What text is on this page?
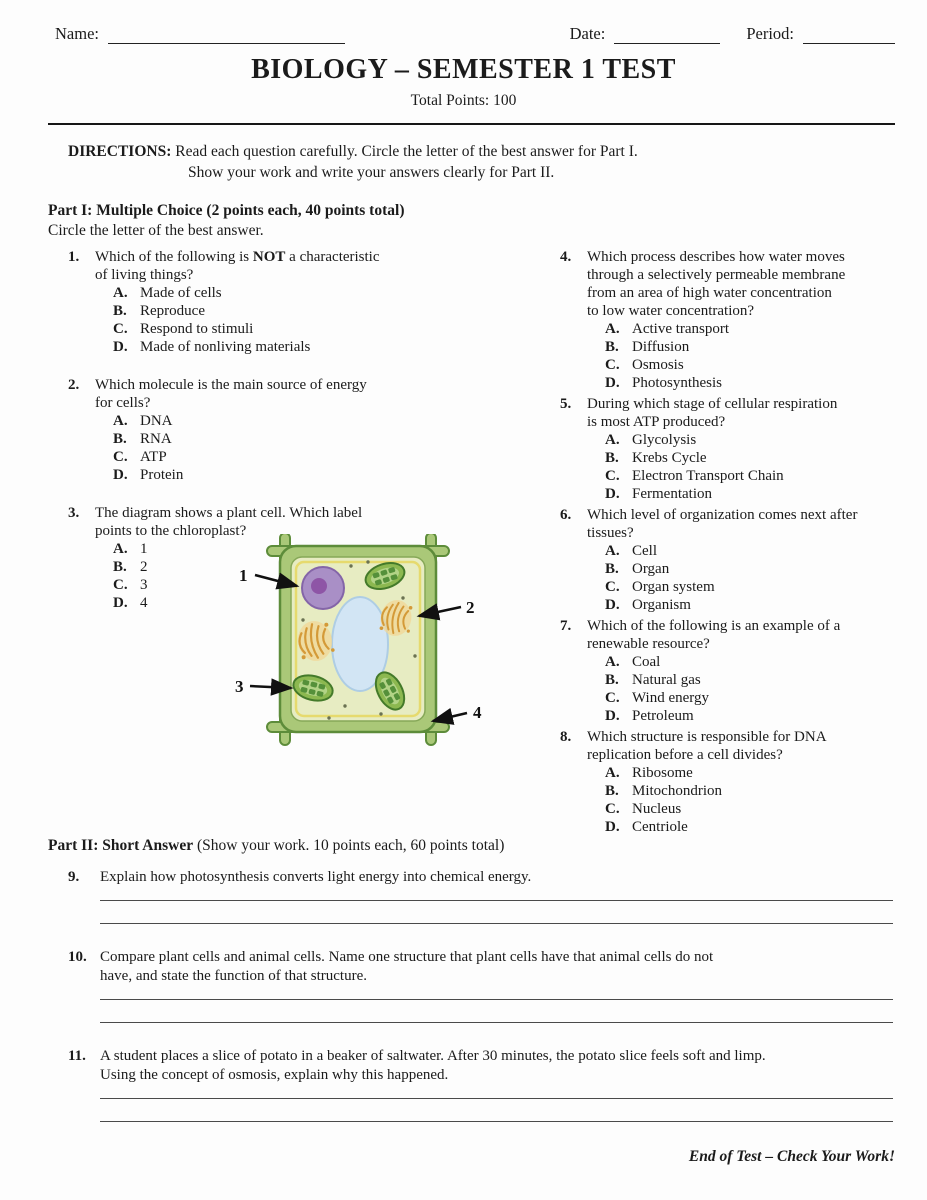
Name:	Date:	Period:
BIOLOGY – SEMESTER 1 TEST
Total Points: 100
DIRECTIONS: Read each question carefully. Circle the letter of the best answer for Part I.
Show your work and write your answers clearly for Part II.
Part I: Multiple Choice (2 points each, 40 points total)
Circle the letter of the best answer.
1.	Which of the following is NOT a characteristic
of living things?
A. Made of cells
B. Reproduce
C. Respond to stimuli
D. Made of nonliving materials
2.	Which molecule is the main source of energy
for cells?
A. DNA
B. RNA
C. ATP
D. Protein
3.	The diagram shows a plant cell. Which label
points to the chloroplast?
A. 1
B. 2
C. 3
D. 4
1
2
3
4
4.	Which process describes how water moves
through a selectively permeable membrane
from an area of high water concentration
to low water concentration?
A. Active transport
B. Diffusion
C. Osmosis
D. Photosynthesis
5.	During which stage of cellular respiration
is most ATP produced?
A. Glycolysis
B. Krebs Cycle
C. Electron Transport Chain
D. Fermentation
6.	Which level of organization comes next after
tissues?
A. Cell
B. Organ
C. Organ system
D. Organism
7.	Which of the following is an example of a
renewable resource?
A. Coal
B. Natural gas
C. Wind energy
D. Petroleum
8.	Which structure is responsible for DNA
replication before a cell divides?
A. Ribosome
B. Mitochondrion
C. Nucleus
D. Centriole
Part II: Short Answer (Show your work. 10 points each, 60 points total)
9.	Explain how photosynthesis converts light energy into chemical energy.
10. Compare plant cells and animal cells. Name one structure that plant cells have that animal cells do not
have, and state the function of that structure.
11. A student places a slice of potato in a beaker of saltwater. After 30 minutes, the potato slice feels soft and limp.
Using the concept of osmosis, explain why this happened.
End of Test – Check Your Work!
